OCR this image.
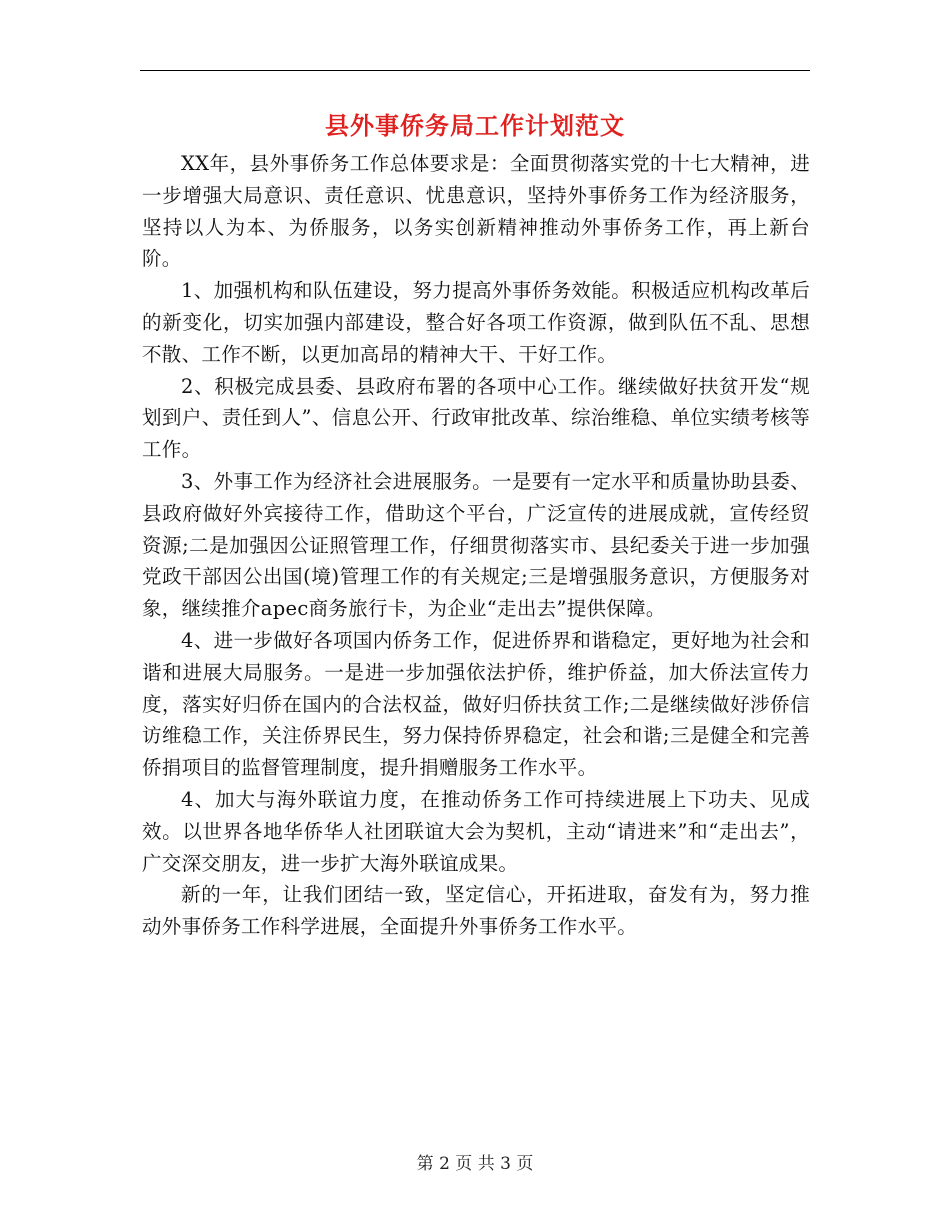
县外事侨务局工作计划范文

XX年，县外事侨务工作总体要求是：全面贯彻落实党的十七大精神，进一步增强大局意识、责任意识、忧患意识，坚持外事侨务工作为经济服务，坚持以人为本、为侨服务，以务实创新精神推动外事侨务工作，再上新台阶。

1、加强机构和队伍建设，努力提高外事侨务效能。积极适应机构改革后的新变化，切实加强内部建设，整合好各项工作资源，做到队伍不乱、思想不散、工作不断，以更加高昂的精神大干、干好工作。

2、积极完成县委、县政府布署的各项中心工作。继续做好扶贫开发“规划到户、责任到人”、信息公开、行政审批改革、综治维稳、单位实绩考核等工作。

3、外事工作为经济社会进展服务。一是要有一定水平和质量协助县委、县政府做好外宾接待工作，借助这个平台，广泛宣传的进展成就，宣传经贸资源;二是加强因公证照管理工作，仔细贯彻落实市、县纪委关于进一步加强党政干部因公出国(境)管理工作的有关规定;三是增强服务意识，方便服务对象，继续推介apec商务旅行卡，为企业“走出去”提供保障。

4、进一步做好各项国内侨务工作，促进侨界和谐稳定，更好地为社会和谐和进展大局服务。一是进一步加强依法护侨，维护侨益，加大侨法宣传力度，落实好归侨在国内的合法权益，做好归侨扶贫工作;二是继续做好涉侨信访维稳工作，关注侨界民生，努力保持侨界稳定，社会和谐;三是健全和完善侨捐项目的监督管理制度，提升捐赠服务工作水平。

4、加大与海外联谊力度，在推动侨务工作可持续进展上下功夫、见成效。以世界各地华侨华人社团联谊大会为契机，主动“请进来”和“走出去”，广交深交朋友，进一步扩大海外联谊成果。

新的一年，让我们团结一致，坚定信心，开拓进取，奋发有为，努力推动外事侨务工作科学进展，全面提升外事侨务工作水平。

第 2 页 共 3 页
